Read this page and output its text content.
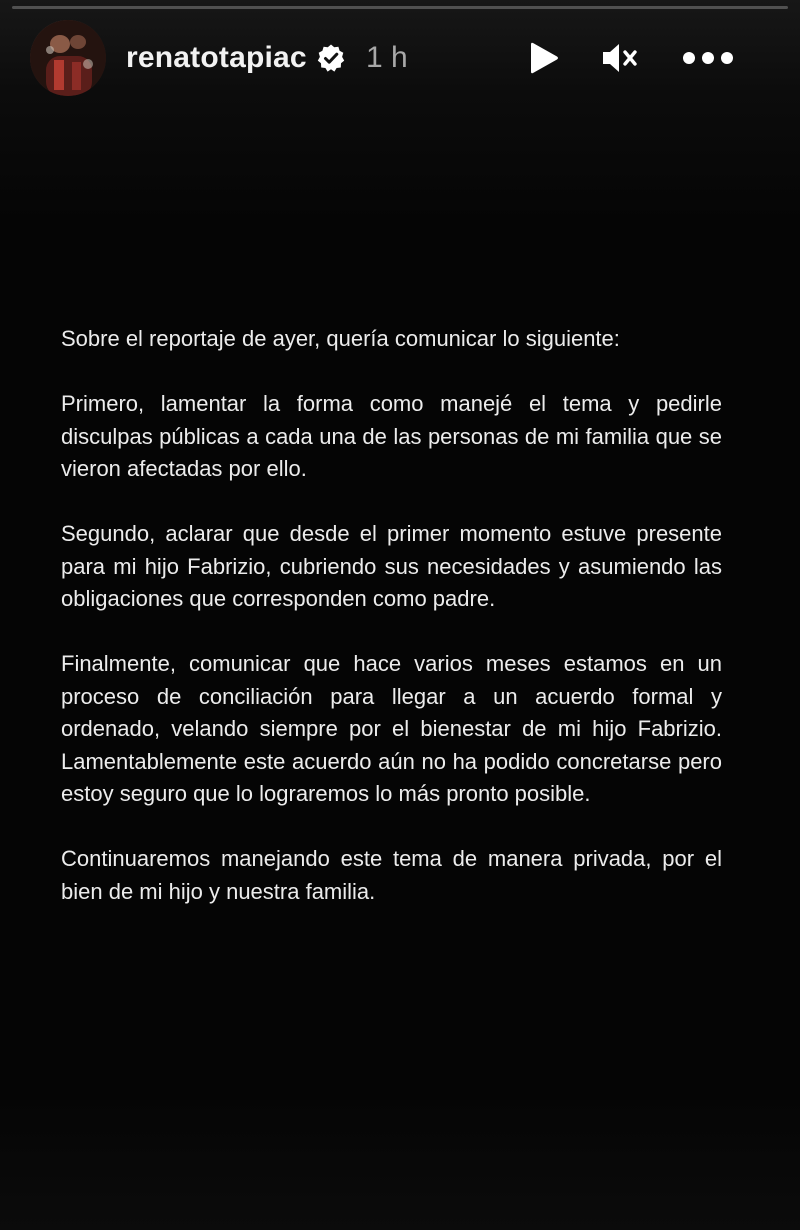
renatotapiac 1 h

Sobre el reportaje de ayer, quería comunicar lo siguiente:

Primero, lamentar la forma como manejé el tema y pedirle disculpas públicas a cada una de las personas de mi familia que se vieron afectadas por ello.

Segundo, aclarar que desde el primer momento estuve presente para mi hijo Fabrizio, cubriendo sus necesidades y asumiendo las obligaciones que corresponden como padre.

Finalmente, comunicar que hace varios meses estamos en un proceso de conciliación para llegar a un acuerdo formal y ordenado, velando siempre por el bienestar de mi hijo Fabrizio. Lamentablemente este acuerdo aún no ha podido concretarse pero estoy seguro que lo lograremos lo más pronto posible.

Continuaremos manejando este tema de manera privada, por el bien de mi hijo y nuestra familia.
